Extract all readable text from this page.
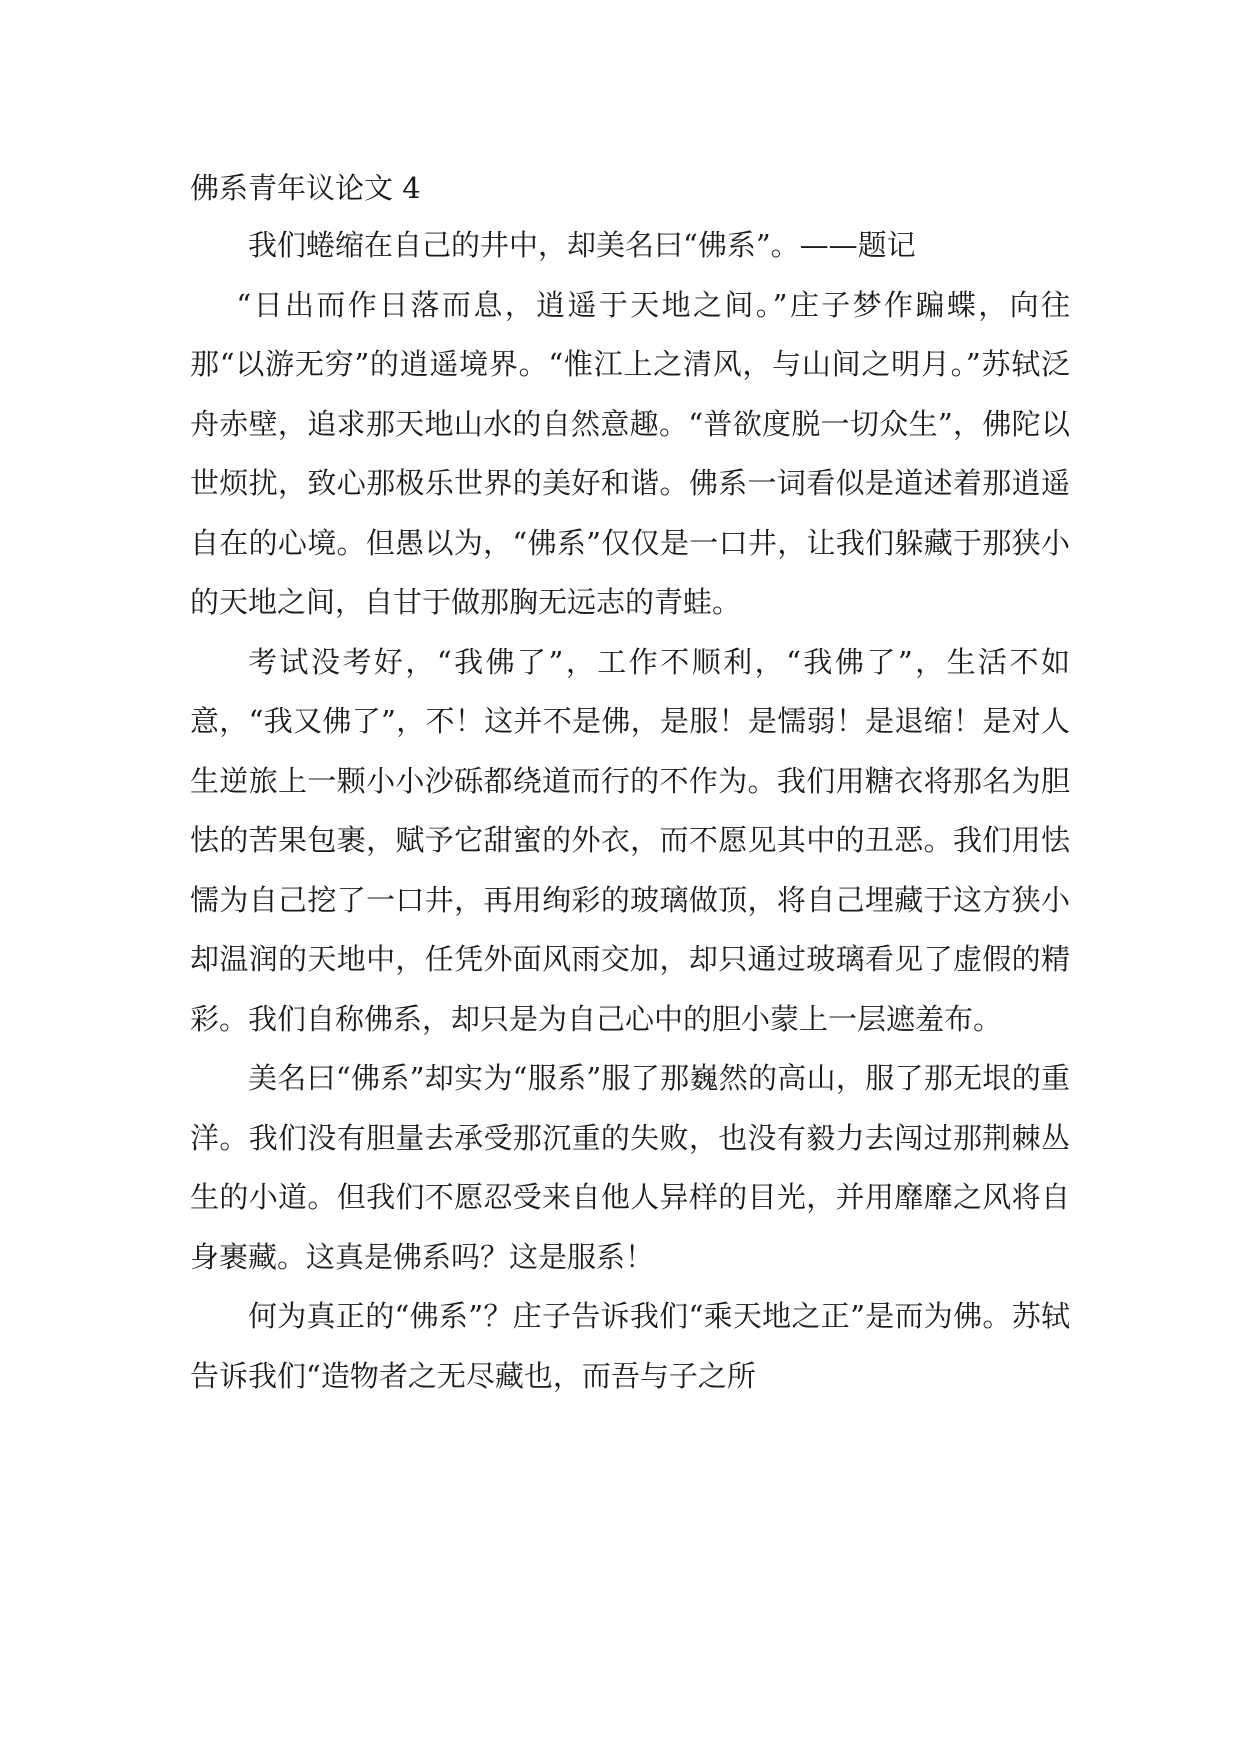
佛系青年议论文 4

我们蜷缩在自己的井中，却美名曰“佛系”。——题记

“日出而作日落而息，逍遥于天地之间。”庄子梦作蹁蝶，向往那“以游无穷”的逍遥境界。“惟江上之清风，与山间之明月。”苏轼泛舟赤壁，追求那天地山水的自然意趣。“普欲度脱一切众生”，佛陀以世烦扰，致心那极乐世界的美好和谐。佛系一词看似是道述着那逍遥自在的心境。但愚以为，“佛系”仅仅是一口井，让我们躲藏于那狭小的天地之间，自甘于做那胸无远志的青蛙。

考试没考好，“我佛了”，工作不顺利，“我佛了”，生活不如意，“我又佛了”，不！这并不是佛，是服！是懦弱！是退缩！是对人生逆旅上一颗小小沙砾都绕道而行的不作为。我们用糖衣将那名为胆怯的苦果包裹，赋予它甜蜜的外衣，而不愿见其中的丑恶。我们用怯懦为自己挖了一口井，再用绚彩的玻璃做顶，将自己埋藏于这方狭小却温润的天地中，任凭外面风雨交加，却只通过玻璃看见了虚假的精彩。我们自称佛系，却只是为自己心中的胆小蒙上一层遮羞布。

美名曰“佛系”却实为“服系”服了那巍然的高山，服了那无垠的重洋。我们没有胆量去承受那沉重的失败，也没有毅力去闯过那荆棘丛生的小道。但我们不愿忍受来自他人异样的目光，并用靡靡之风将自身裹藏。这真是佛系吗？这是服系！

何为真正的“佛系”？庄子告诉我们“乘天地之正”是而为佛。苏轼告诉我们“造物者之无尽藏也，而吾与子之所
